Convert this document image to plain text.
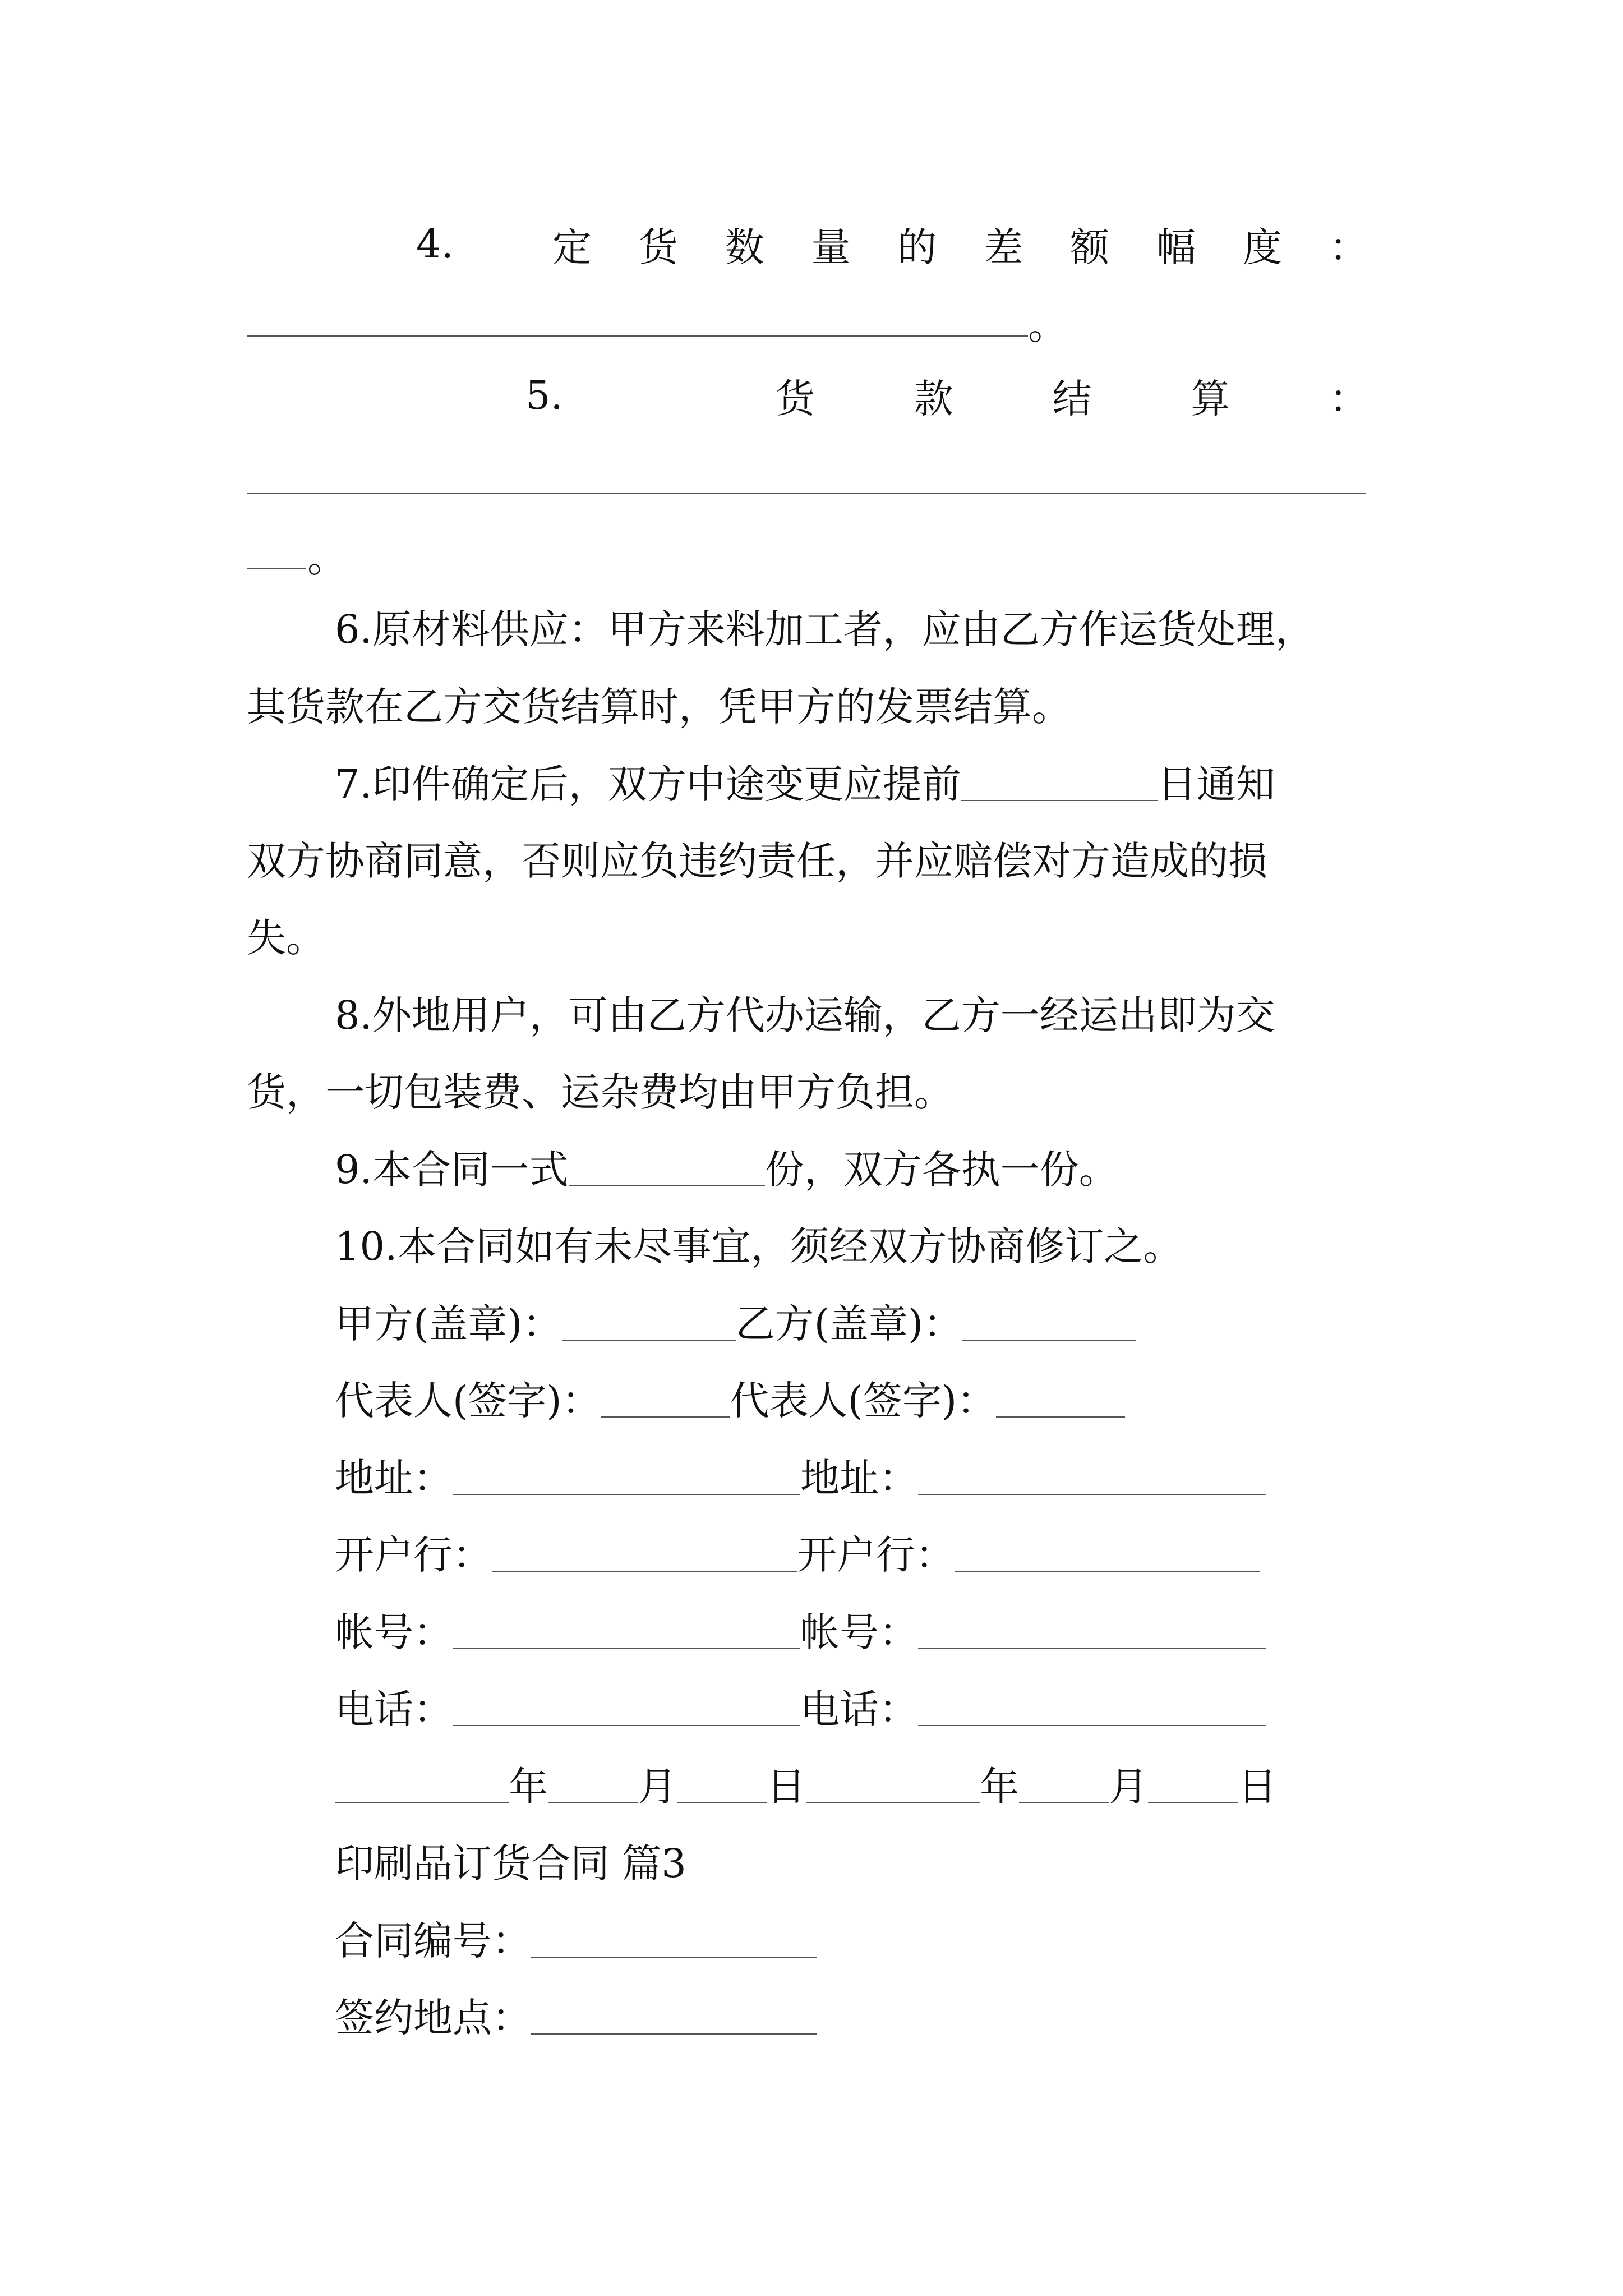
4.	定 货 数 量 的 差 额 幅 度 ：
。
5.	货	款	结	算	：
。
6.原材料供应：甲方来料加工者，应由乙方作运货处理，
其货款在乙方交货结算时，凭甲方的发票结算。
7.印件确定后，双方中途变更应提前	日通知
双方协商同意，否则应负违约责任，并应赔偿对方造成的损
失。
8.外地用户，可由乙方代办运输，乙方一经运出即为交
货，一切包装费、运杂费均由甲方负担。
9.本合同一式	份，双方各执一份。
10.本合同如有未尽事宜，须经双方协商修订之。
甲方(盖章)：	乙方(盖章)：
代表人(签字)：	代表人(签字)：
地址：	地址：
开户行：	开户行：
帐号：	帐号：
电话：	电话：
年 月 日	年 月 日
印刷品订货合同 篇3
合同编号：
签约地点：
